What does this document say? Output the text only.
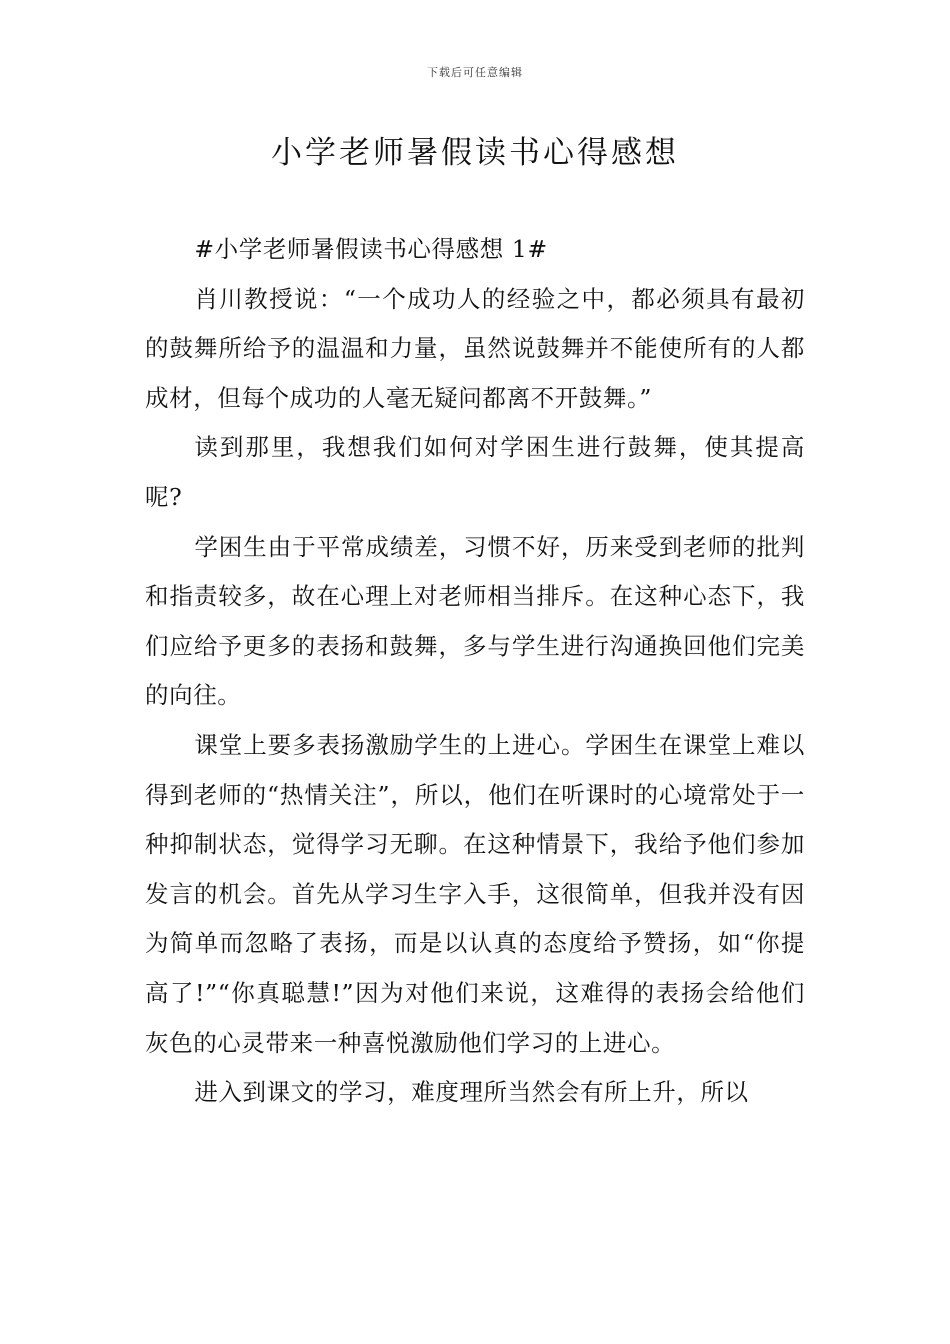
下载后可任意编辑
小学老师暑假读书心得感想

#小学老师暑假读书心得感想 1#

肖川教授说：“一个成功人的经验之中，都必须具有最初的鼓舞所给予的温温和力量，虽然说鼓舞并不能使所有的人都成材，但每个成功的人毫无疑问都离不开鼓舞。”

读到那里，我想我们如何对学困生进行鼓舞，使其提高呢?

学困生由于平常成绩差，习惯不好，历来受到老师的批判和指责较多，故在心理上对老师相当排斥。在这种心态下，我们应给予更多的表扬和鼓舞，多与学生进行沟通换回他们完美的向往。

课堂上要多表扬激励学生的上进心。学困生在课堂上难以得到老师的“热情关注”，所以，他们在听课时的心境常处于一种抑制状态，觉得学习无聊。在这种情景下，我给予他们参加发言的机会。首先从学习生字入手，这很简单，但我并没有因为简单而忽略了表扬，而是以认真的态度给予赞扬，如“你提高了!”“你真聪慧!”因为对他们来说，这难得的表扬会给他们灰色的心灵带来一种喜悦激励他们学习的上进心。

进入到课文的学习，难度理所当然会有所上升，所以
